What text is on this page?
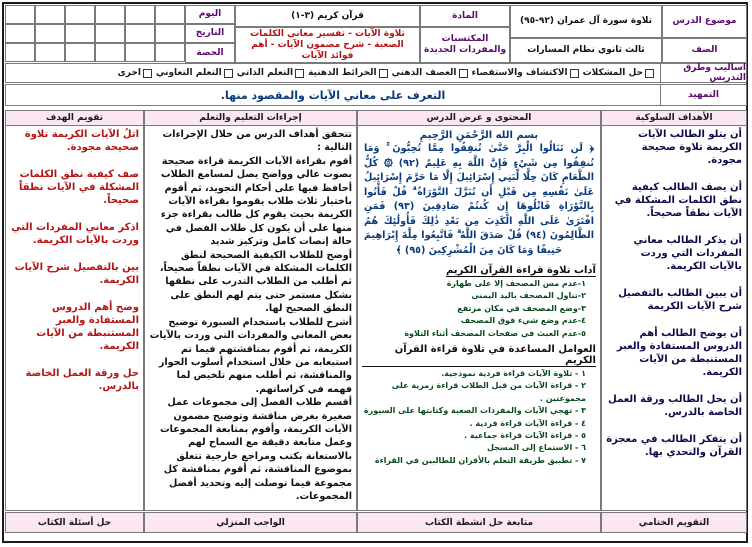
موضوع الدرس
تلاوة سورة آل عمران (٩٢-٩٥)
الصف
ثالث ثانوي نظام المسارات
المادة
المكتسبات والمفردات الجديدة
قرآن كريم (٣-١)
تلاوة الآيات - تفسير معاني الكلمات الصعبة - شرح مضمون الآيات - أهم فوائد الآيات
اليوم
التاريخ
الحصة
اساليب وطرق التدريس
حل المشكلات
الاكتشاف والاستقصاء
العصف الذهني
الخرائط الذهنية
التعلم الذاتي
التعلم التعاوني
أخرى
التمهيد
التعرف على معاني الآيات والمقصود منها.
الأهداف السلوكية

أن يتلو الطالب الآيات الكريمة تلاوة صحيحة مجودة.

أن يصف الطالب كيفية نطق الكلمات المشكلة في الآيات نطقاً صحيحاً.

أن يذكر الطالب معاني المفردات التي وردت بالآيات الكريمة.

أن يبين الطالب بالتفصيل شرح الآيات الكريمة

أن يوضح الطالب أهم الدروس المستفادة والعبر المستنبطة من الآيات الكريمة.

أن يحل الطالب ورقة العمل الخاصة بالدرس.

أن يتفكر الطالب في معجزة القرآن والتحدي بها.

المحتوى و عرض الدرس
بسم الله الرَّحْمَنِ الرَّحِيمِ
﴿ لَن تَنَالُوا الْبِرَّ حَتَّىٰ تُنفِقُوا مِمَّا تُحِبُّونَ ۚ وَمَا تُنفِقُوا مِن شَيْءٍ فَإِنَّ اللَّهَ بِهِ عَلِيمٌ (٩٢) ۞ كُلُّ الطَّعَامِ كَانَ حِلًّا لِّبَنِي إِسْرَائِيلَ إِلَّا مَا حَرَّمَ إِسْرَائِيلُ عَلَىٰ نَفْسِهِ مِن قَبْلِ أَن تُنَزَّلَ التَّوْرَاةُ ۗ قُلْ فَأْتُوا بِالتَّوْرَاةِ فَاتْلُوهَا إِن كُنتُمْ صَادِقِينَ (٩٣) فَمَنِ افْتَرَىٰ عَلَى اللَّهِ الْكَذِبَ مِن بَعْدِ ذَٰلِكَ فَأُولَٰئِكَ هُمُ الظَّالِمُونَ (٩٤) قُلْ صَدَقَ اللَّهُ ۗ فَاتَّبِعُوا مِلَّةَ إِبْرَاهِيمَ حَنِيفًا وَمَا كَانَ مِنَ الْمُشْرِكِينَ (٩٥) ﴾
آداب تلاوة قراءة القرآن الكريم
١-عدم مس المصحف إلا على طهارة
٢-تناول المصحف باليد اليمنى
٣-وضع المصحف في مكان مرتفع
٤-عدم وضع شيء فوق المصحف
٥-عدم العبث في صفحات المصحف أثناء التلاوة
العوامل المساعدة في تلاوة قراءة القرآن الكريم
١ - تلاوة الآيات قراءة فردية نموذجية.
٢ - قراءة الآيات من قبل الطلاب قراءة زمرية على مجموعتين .
٣ - تهجي الآيات والمفردات الصعبة وكتابتها على السبورة
٤ - قراءة الآيات قراءة فردية .
٥ - قراءة الآيات قراءة جماعية .
٦ - الاستماع إلى المسجل
٧ - تطبيق طريقة التعلم بالأقران للطالبين في القراءة
إجراءات التعليم والتعلم

تتحقق أهداف الدرس من خلال الإجراءات التالية :

أقوم بقراءة الآيات الكريمة قراءة صحيحة بصوت عالي وواضح يصل لمسامع الطلاب أحافظ فيها على أحكام التجويد، ثم أقوم باختيار ثلاث طلاب يقوموا بقراءة الآيات الكريمة بحيث يقوم كل طالب بقراءة جزء منها على أن يكون كل طلاب الفصل في حالة إنصات كامل وتركيز شديد

أوضح للطلاب الكيفية الصحيحة لنطق الكلمات المشكلة في الآيات نطقاً صحيحاً، ثم أطلب من الطلاب التدرب على نطقها بشكل مستمر حتى يتم لهم النطق على النطق الصحيح لها.

أشرح للطلاب باستخدام السبورة توضيح بعض المعاني والمفردات التي وردت بالآيات الكريمة، ثم أقوم بمناقشتهم فيما تم استيعابه من خلال استخدام أسلوب الحوار والمناقشة، ثم أطلب منهم تلخيص لما فهمه في كراساتهم.

أقسم طلاب الفصل إلى مجموعات عمل صغيرة بغرض مناقشة وتوضيح مضمون الآيات الكريمة، وأقوم بمتابعة المجموعات وعمل متابعة دقيقة مع السماح لهم بالاستعانة بكتب ومراجع خارجية تتعلق بموضوع المناقشة، ثم أقوم بمناقشة كل مجموعة فيما توصلت إليه وتحديد أفضل المجموعات.

تقويم الهدف

اتلُ الآيات الكريمة تلاوة صحيحة مجودة.

صف كيفية نطق الكلمات المشكلة في الآيات نطقاً صحيحاً.

اذكر معاني المفردات التي وردت بالآيات الكريمة.

بين بالتفصيل شرح الآيات الكريمة.

وضح أهم الدروس المستفادة والعبر المستنبطة من الآيات الكريمة.

حل ورقة العمل الخاصة بالدرس.

التقويم الختامي
متابعة حل انشطة الكتاب
الواجب المنزلي
حل أسئلة الكتاب
